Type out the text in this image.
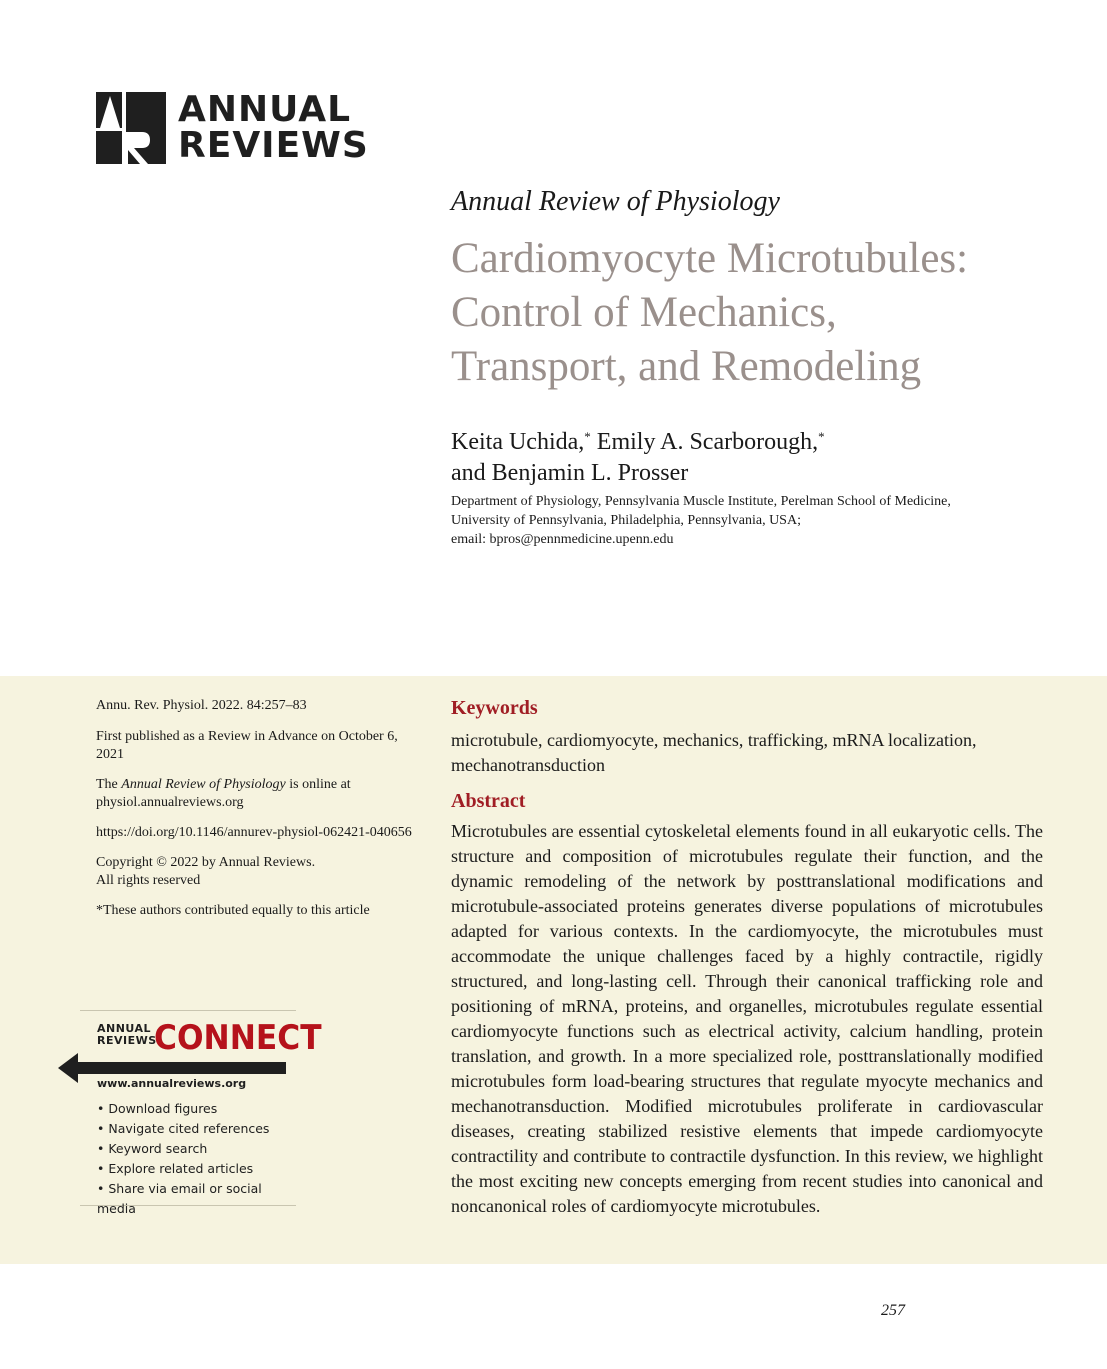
ANNUAL
REVIEWS
Annual Review of Physiology
Cardiomyocyte Microtubules:
Control of Mechanics,
Transport, and Remodeling
Keita Uchida,* Emily A. Scarborough,*
and Benjamin L. Prosser
Department of Physiology, Pennsylvania Muscle Institute, Perelman School of Medicine,
University of Pennsylvania, Philadelphia, Pennsylvania, USA;
email: bpros@pennmedicine.upenn.edu

Annu. Rev. Physiol. 2022. 84:257–83

First published as a Review in Advance on October 6, 2021

The Annual Review of Physiology is online at physiol.annualreviews.org

https://doi.org/10.1146/annurev-physiol-062421-040656

Copyright © 2022 by Annual Reviews.
All rights reserved

*These authors contributed equally to this article

ANNUAL
REVIEWS
CONNECT
www.annualreviews.org
• Download figures
• Navigate cited references
• Keyword search
• Explore related articles
• Share via email or social media
Keywords
microtubule, cardiomyocyte, mechanics, trafficking, mRNA localization, mechanotransduction
Abstract
Microtubules are essential cytoskeletal elements found in all eukaryotic cells. The structure and composition of microtubules regulate their function, and the dynamic remodeling of the network by posttranslational modifications and microtubule-associated proteins generates diverse populations of microtubules adapted for various contexts. In the cardiomyocyte, the microtubules must accommodate the unique challenges faced by a highly contractile, rigidly structured, and long-lasting cell. Through their canonical trafficking role and positioning of mRNA, proteins, and organelles, microtubules regulate essential cardiomyocyte functions such as electrical activity, calcium handling, protein translation, and growth. In a more specialized role, posttranslationally modified microtubules form load-bearing structures that regulate myocyte mechanics and mechanotransduction. Modified microtubules proliferate in cardiovascular diseases, creating stabilized resistive elements that impede cardiomyocyte contractility and contribute to contractile dysfunction. In this review, we highlight the most exciting new concepts emerging from recent studies into canonical and noncanonical roles of cardiomyocyte microtubules.
257
